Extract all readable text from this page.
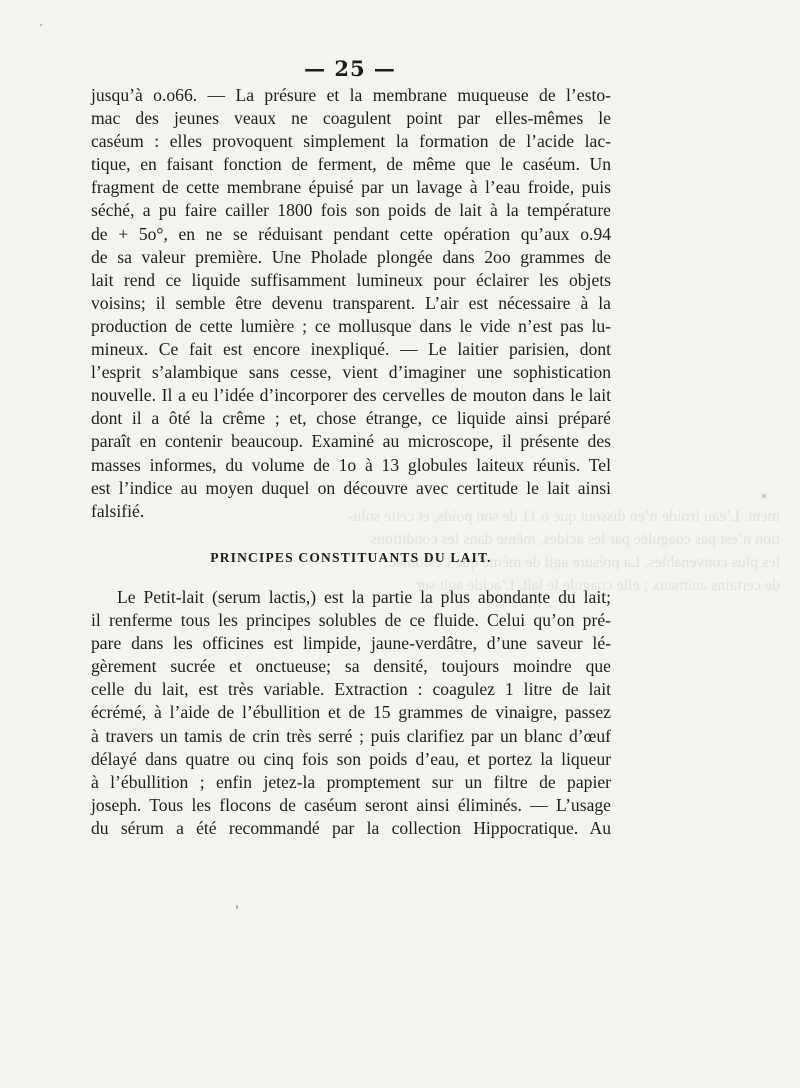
ment. L’eau froide n’en dissout que o.11 de son poids, et cette solu-
tion n’est pas coagulée par les acides, même dans les conditions
les plus convenables. La présure agit de même que l’estomac
de certains animaux ; elle coagule le lait. L’acide agit sur
— 25 —
jusqu’à o.o66. — La présure et la membrane muqueuse de l’esto-
mac des jeunes veaux ne coagulent point par elles-mêmes le
caséum : elles provoquent simplement la formation de l’acide lac-
tique, en faisant fonction de ferment, de même que le caséum. Un
fragment de cette membrane épuisé par un lavage à l’eau froide, puis
séché, a pu faire cailler 1800 fois son poids de lait à la température
de + 5o°, en ne se réduisant pendant cette opération qu’aux o.94
de sa valeur première. Une Pholade plongée dans 2oo grammes de
lait rend ce liquide suffisamment lumineux pour éclairer les objets
voisins; il semble être devenu transparent. L’air est nécessaire à la
production de cette lumière ; ce mollusque dans le vide n’est pas lu-
mineux. Ce fait est encore inexpliqué. — Le laitier parisien, dont
l’esprit s’alambique sans cesse, vient d’imaginer une sophistication
nouvelle. Il a eu l’idée d’incorporer des cervelles de mouton dans le lait
dont il a ôté la crême ; et, chose étrange, ce liquide ainsi préparé
paraît en contenir beaucoup. Examiné au microscope, il présente des
masses informes, du volume de 1o à 13 globules laiteux réunis. Tel
est l’indice au moyen duquel on découvre avec certitude le lait ainsi
falsifié.
PRINCIPES CONSTITUANTS DU LAIT.
Le Petit-lait (serum lactis,) est la partie la plus abondante du lait;
il renferme tous les principes solubles de ce fluide. Celui qu’on pré-
pare dans les officines est limpide, jaune-verdâtre, d’une saveur lé-
gèrement sucrée et onctueuse; sa densité, toujours moindre que
celle du lait, est très variable. Extraction : coagulez 1 litre de lait
écrémé, à l’aide de l’ébullition et de 15 grammes de vinaigre, passez
à travers un tamis de crin très serré ; puis clarifiez par un blanc d’œuf
délayé dans quatre ou cinq fois son poids d’eau, et portez la liqueur
à l’ébullition ; enfin jetez-la promptement sur un filtre de papier
joseph. Tous les flocons de caséum seront ainsi éliminés. — L’usage
du sérum a été recommandé par la collection Hippocratique. Au
